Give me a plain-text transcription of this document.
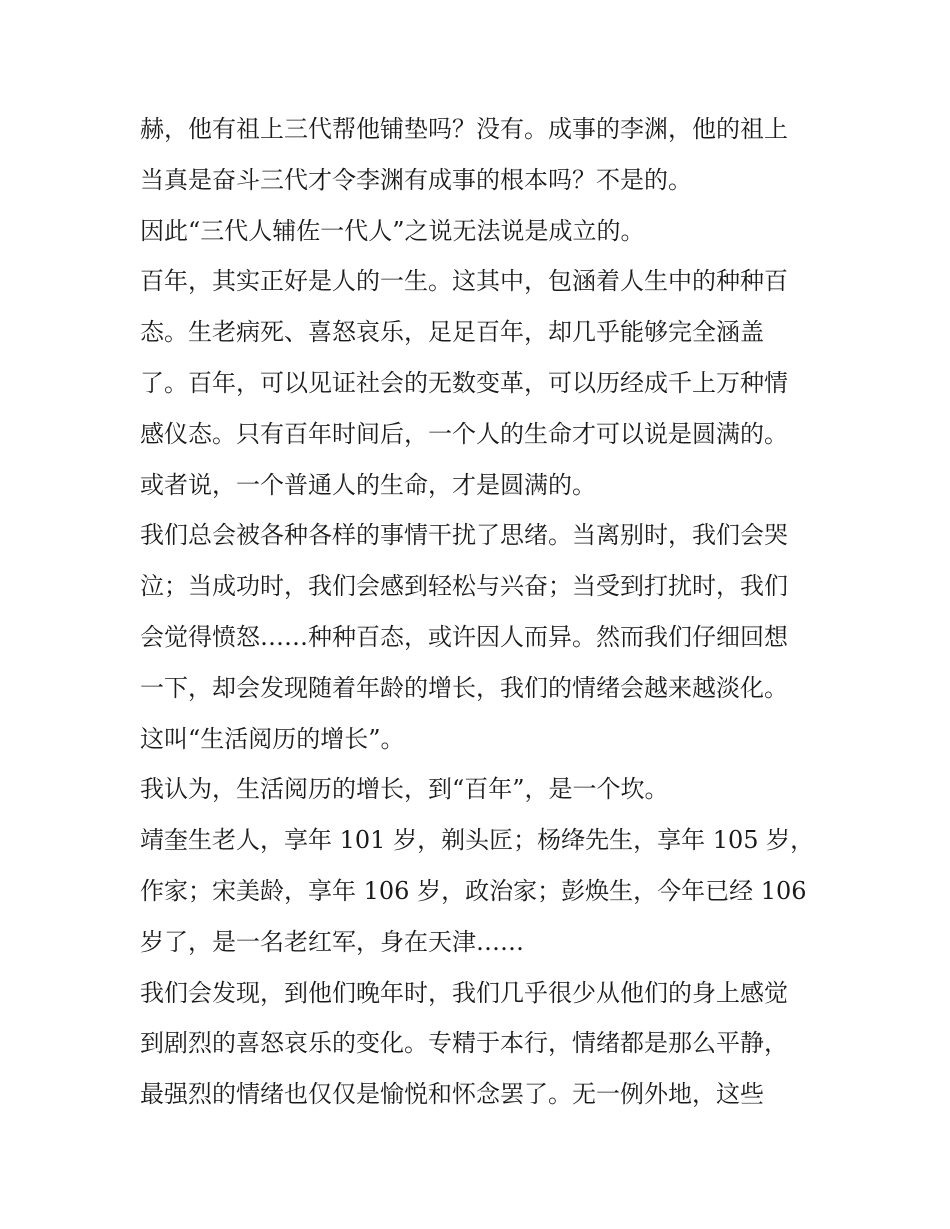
赫，他有祖上三代帮他铺垫吗？没有。成事的李渊，他的祖上
当真是奋斗三代才令李渊有成事的根本吗？不是的。
因此“三代人辅佐一代人”之说无法说是成立的。
百年，其实正好是人的一生。这其中，包涵着人生中的种种百
态。生老病死、喜怒哀乐，足足百年，却几乎能够完全涵盖
了。百年，可以见证社会的无数变革，可以历经成千上万种情
感仪态。只有百年时间后，一个人的生命才可以说是圆满的。
或者说，一个普通人的生命，才是圆满的。
我们总会被各种各样的事情干扰了思绪。当离别时，我们会哭
泣；当成功时，我们会感到轻松与兴奋；当受到打扰时，我们
会觉得愤怒……种种百态，或许因人而异。然而我们仔细回想
一下，却会发现随着年龄的增长，我们的情绪会越来越淡化。
这叫“生活阅历的增长”。
我认为，生活阅历的增长，到“百年”，是一个坎。
靖奎生老人，享年 101 岁，剃头匠；杨绛先生，享年 105 岁，
作家；宋美龄，享年 106 岁，政治家；彭焕生，今年已经 106
岁了，是一名老红军，身在天津……
我们会发现，到他们晚年时，我们几乎很少从他们的身上感觉
到剧烈的喜怒哀乐的变化。专精于本行，情绪都是那么平静，
最强烈的情绪也仅仅是愉悦和怀念罢了。无一例外地，这些
